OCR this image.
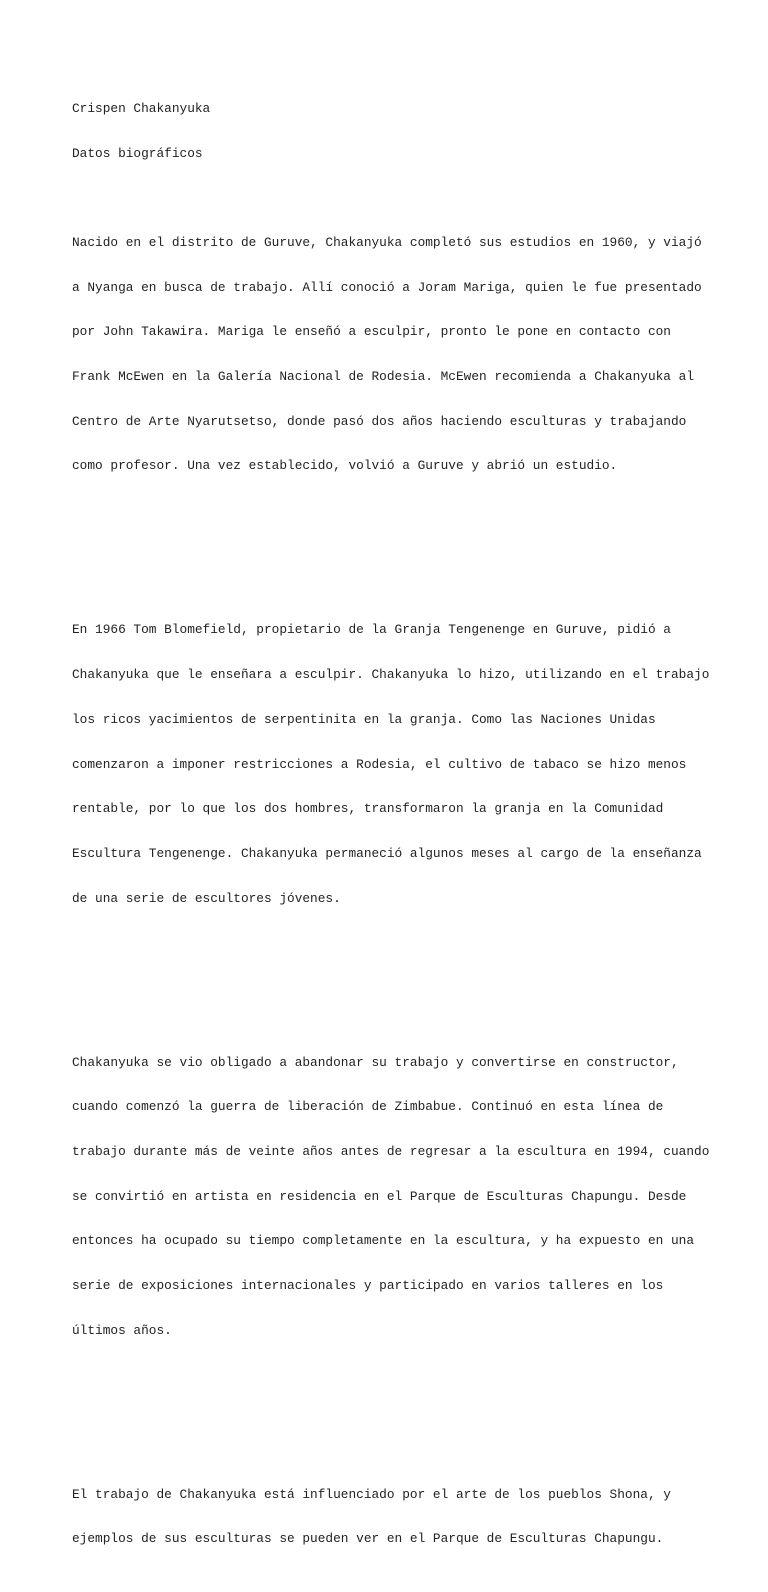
Crispen Chakanyuka

Datos biográficos

Nacido en el distrito de Guruve, Chakanyuka completó sus estudios en 1960, y viajó

a Nyanga en busca de trabajo. Allí conoció a Joram Mariga, quien le fue presentado

por John Takawira. Mariga le enseñó a esculpir, pronto le pone en contacto con

Frank McEwen en la Galería Nacional de Rodesia. McEwen recomienda a Chakanyuka al

Centro de Arte Nyarutsetso, donde pasó dos años haciendo esculturas y trabajando

como profesor. Una vez establecido, volvió a Guruve y abrió un estudio.

En 1966 Tom Blomefield, propietario de la Granja Tengenenge en Guruve, pidió a

Chakanyuka que le enseñara a esculpir. Chakanyuka lo hizo, utilizando en el trabajo

los ricos yacimientos de serpentinita en la granja. Como las Naciones Unidas

comenzaron a imponer restricciones a Rodesia, el cultivo de tabaco se hizo menos

rentable, por lo que los dos hombres, transformaron la granja en la Comunidad

Escultura Tengenenge. Chakanyuka permaneció algunos meses al cargo de la enseñanza

de una serie de escultores jóvenes.

Chakanyuka se vio obligado a abandonar su trabajo y convertirse en constructor,

cuando comenzó la guerra de liberación de Zimbabue. Continuó en esta línea de

trabajo durante más de veinte años antes de regresar a la escultura en 1994, cuando

se convirtió en artista en residencia en el Parque de Esculturas Chapungu. Desde

entonces ha ocupado su tiempo completamente en la escultura, y ha expuesto en una

serie de exposiciones internacionales y participado en varios talleres en los

últimos años.

El trabajo de Chakanyuka está influenciado por el arte de los pueblos Shona, y

ejemplos de sus esculturas se pueden ver en el Parque de Esculturas Chapungu.
